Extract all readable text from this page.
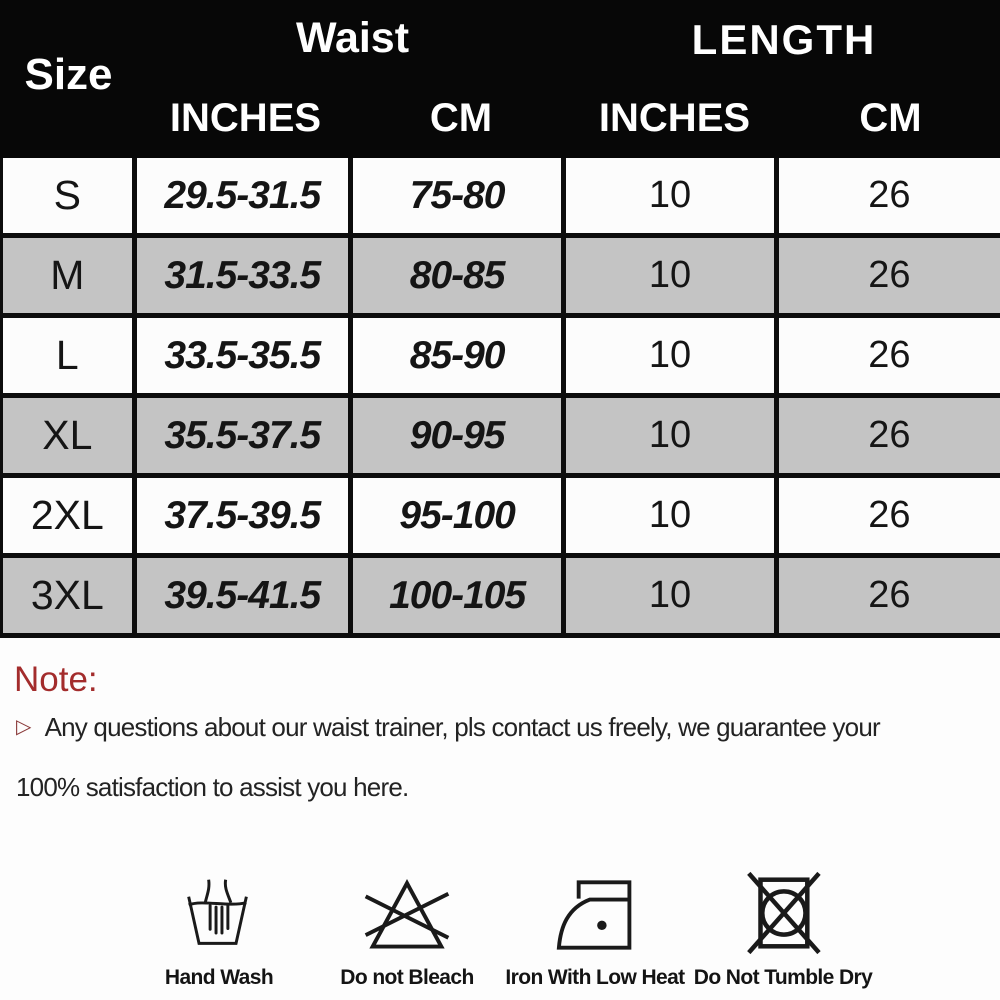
Size
Waist	LENGTH
INCHES	CM	INCHES	CM
S	29.5-31.5	75-80	10	26
M	31.5-33.5	80-85	10	26
L	33.5-35.5	85-90	10	26
XL	35.5-37.5	90-95	10	26
2XL	37.5-39.5	95-100	10	26
3XL	39.5-41.5	100-105	10	26
Note:
▷ Any questions about our waist trainer, pls contact us freely, we guarantee your
100% satisfaction to assist you here.
Hand Wash	Do not Bleach Iron With Low Heat Do Not Tumble Dry
